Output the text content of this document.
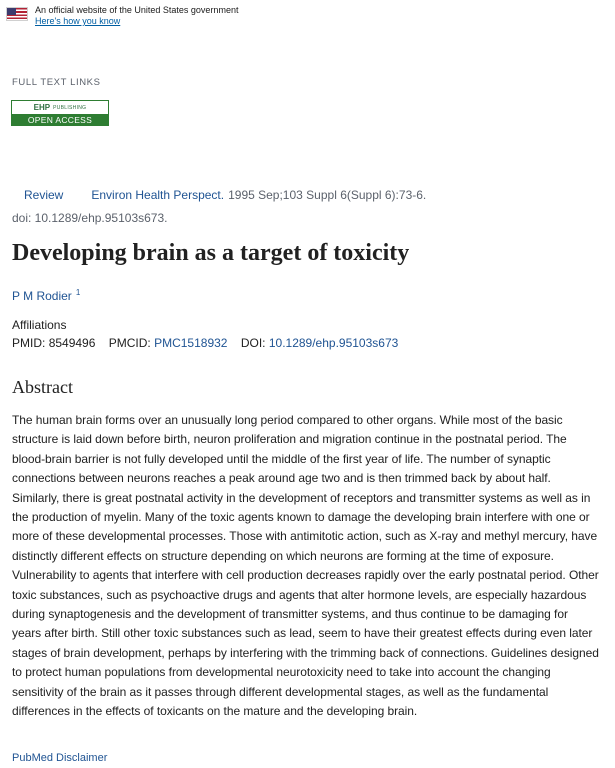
An official website of the United States government
Here's how you know
FULL TEXT LINKS
EHP PUBLISHING
OPEN ACCESS
Review Environ Health Perspect. 1995 Sep;103 Suppl 6(Suppl 6):73-6.
doi: 10.1289/ehp.95103s673.
Developing brain as a target of toxicity
P M Rodier $^1$
Affiliations
PMID: 8549496 PMCID: PMC1518932 DOI: 10.1289/ehp.95103s673
Abstract

The human brain forms over an unusually long period compared to other organs. While most of the basic structure is laid down before birth, neuron proliferation and migration continue in the postnatal period. The blood-brain barrier is not fully developed until the middle of the first year of life. The number of synaptic connections between neurons reaches a peak around age two and is then trimmed back by about half. Similarly, there is great postnatal activity in the development of receptors and transmitter systems as well as in the production of myelin. Many of the toxic agents known to damage the developing brain interfere with one or more of these developmental processes. Those with antimitotic action, such as X-ray and methyl mercury, have distinctly different effects on structure depending on which neurons are forming at the time of exposure. Vulnerability to agents that interfere with cell production decreases rapidly over the early postnatal period. Other toxic substances, such as psychoactive drugs and agents that alter hormone levels, are especially hazardous during synaptogenesis and the development of transmitter systems, and thus continue to be damaging for years after birth. Still other toxic substances such as lead, seem to have their greatest effects during even later stages of brain development, perhaps by interfering with the trimming back of connections. Guidelines designed to protect human populations from developmental neurotoxicity need to take into account the changing sensitivity of the brain as it passes through different developmental stages, as well as the fundamental differences in the effects of toxicants on the mature and the developing brain.

PubMed Disclaimer
